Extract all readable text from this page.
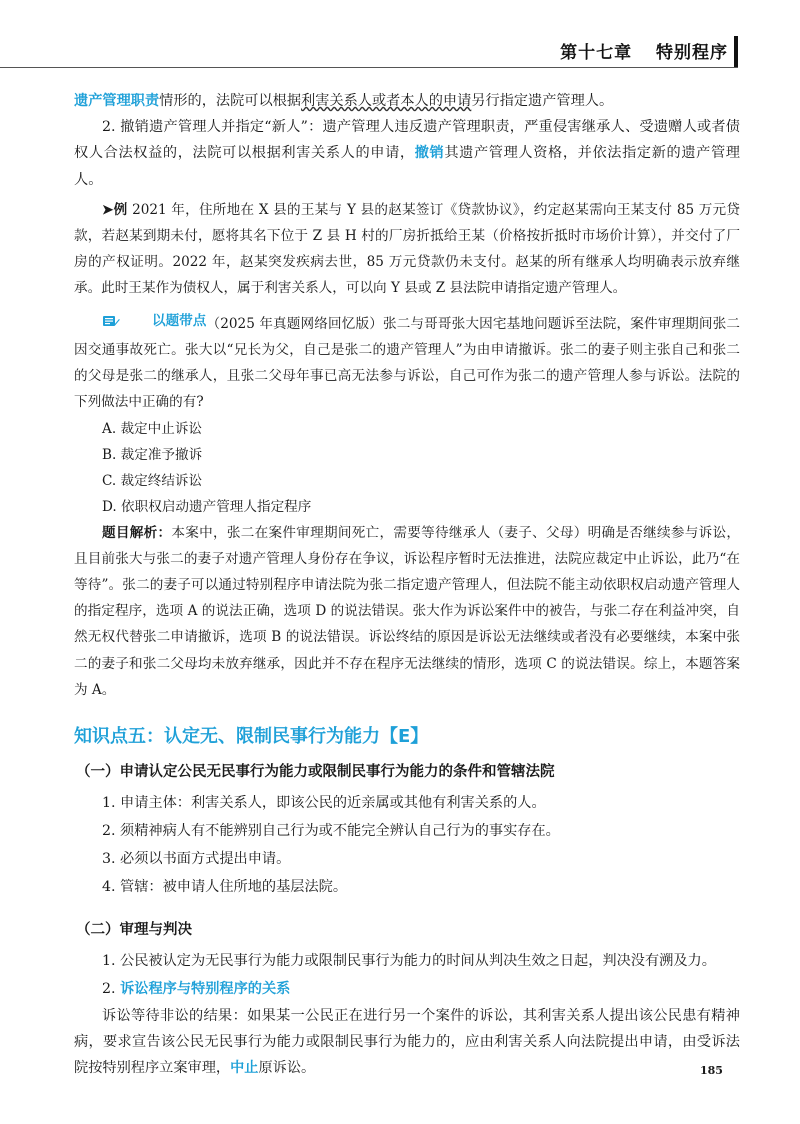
第十七章 特别程序

遗产管理职责情形的，法院可以根据利害关系人或者本人的申请另行指定遗产管理人。

2. 撤销遗产管理人并指定“新人”：遗产管理人违反遗产管理职责，严重侵害继承人、受遗赠人或者债权人合法权益的，法院可以根据利害关系人的申请，撤销其遗产管理人资格，并依法指定新的遗产管理人。

➤例 2021 年，住所地在 X 县的王某与 Y 县的赵某签订《贷款协议》，约定赵某需向王某支付 85 万元贷款，若赵某到期未付，愿将其名下位于 Z 县 H 村的厂房折抵给王某（价格按折抵时市场价计算），并交付了厂房的产权证明。2022 年，赵某突发疾病去世，85 万元贷款仍未支付。赵某的所有继承人均明确表示放弃继承。此时王某作为债权人，属于利害关系人，可以向 Y 县或 Z 县法院申请指定遗产管理人。

以题带点 （2025 年真题网络回忆版）张二与哥哥张大因宅基地问题诉至法院，案件审理期间张二因交通事故死亡。张大以“兄长为父，自己是张二的遗产管理人”为由申请撤诉。张二的妻子则主张自己和张二的父母是张二的继承人，且张二父母年事已高无法参与诉讼，自己可作为张二的遗产管理人参与诉讼。法院的下列做法中正确的有?

A. 裁定中止诉讼

B. 裁定准予撤诉

C. 裁定终结诉讼

D. 依职权启动遗产管理人指定程序

题目解析：本案中，张二在案件审理期间死亡，需要等待继承人（妻子、父母）明确是否继续参与诉讼，且目前张大与张二的妻子对遗产管理人身份存在争议，诉讼程序暂时无法推进，法院应裁定中止诉讼，此乃“在等待”。张二的妻子可以通过特别程序申请法院为张二指定遗产管理人，但法院不能主动依职权启动遗产管理人的指定程序，选项 A 的说法正确，选项 D 的说法错误。张大作为诉讼案件中的被告，与张二存在利益冲突，自然无权代替张二申请撤诉，选项 B 的说法错误。诉讼终结的原因是诉讼无法继续或者没有必要继续，本案中张二的妻子和张二父母均未放弃继承，因此并不存在程序无法继续的情形，选项 C 的说法错误。综上，本题答案为 A。

知识点五：认定无、限制民事行为能力【E】
（一）申请认定公民无民事行为能力或限制民事行为能力的条件和管辖法院

1. 申请主体：利害关系人，即该公民的近亲属或其他有利害关系的人。

2. 须精神病人有不能辨别自己行为或不能完全辨认自己行为的事实存在。

3. 必须以书面方式提出申请。

4. 管辖：被申请人住所地的基层法院。

（二）审理与判决

1. 公民被认定为无民事行为能力或限制民事行为能力的时间从判决生效之日起，判决没有溯及力。

2. 诉讼程序与特别程序的关系

诉讼等待非讼的结果：如果某一公民正在进行另一个案件的诉讼，其利害关系人提出该公民患有精神病，要求宣告该公民无民事行为能力或限制民事行为能力的，应由利害关系人向法院提出申请，由受诉法院按特别程序立案审理，中止原诉讼。	185
